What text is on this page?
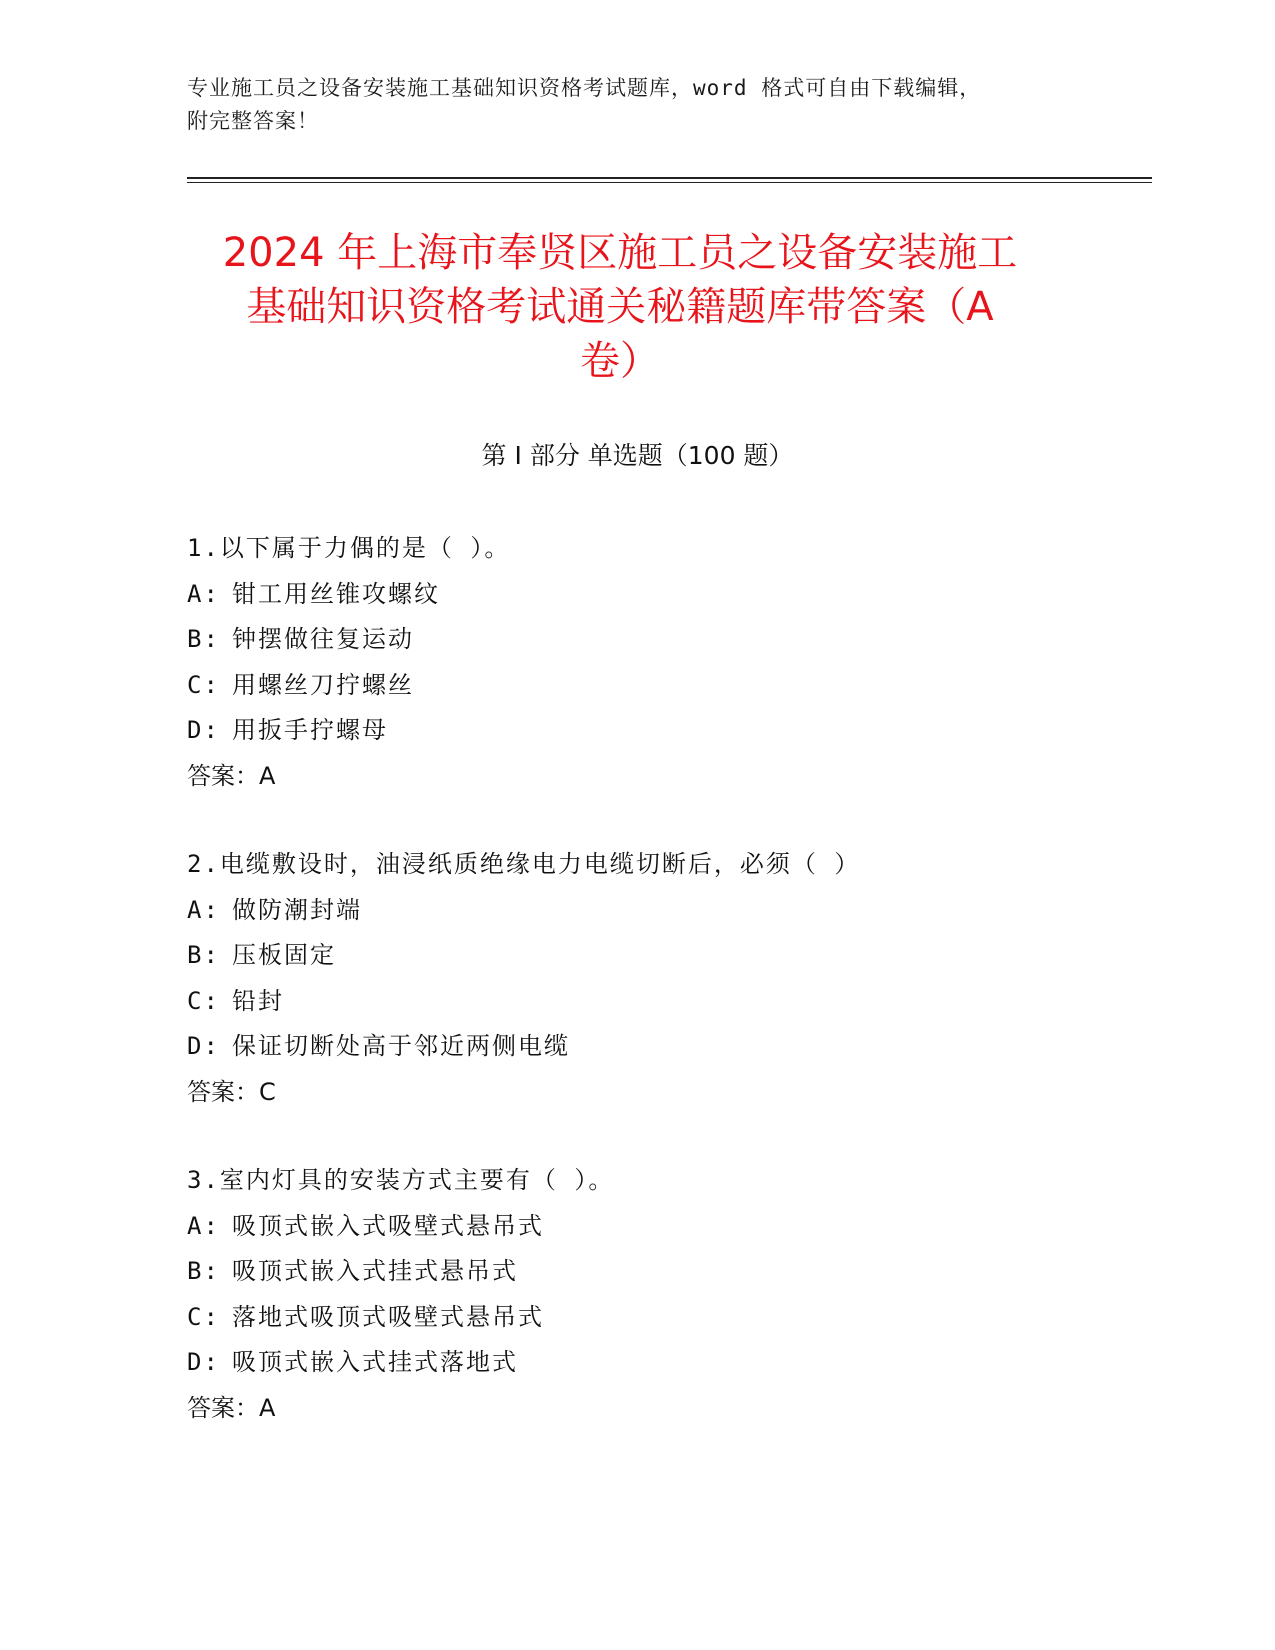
专业施工员之设备安装施工基础知识资格考试题库，word 格式可自由下载编辑，
附完整答案！
2024 年上海市奉贤区施工员之设备安装施工
基础知识资格考试通关秘籍题库带答案（A
卷）
第 I 部分 单选题（100 题）
1.以下属于力偶的是（ ）。
A: 钳工用丝锥攻螺纹
B: 钟摆做往复运动
C: 用螺丝刀拧螺丝
D: 用扳手拧螺母
答案：A
2.电缆敷设时，油浸纸质绝缘电力电缆切断后，必须（ ）
A: 做防潮封端
B: 压板固定
C: 铅封
D: 保证切断处高于邻近两侧电缆
答案：C
3.室内灯具的安装方式主要有（ ）。
A: 吸顶式嵌入式吸壁式悬吊式
B: 吸顶式嵌入式挂式悬吊式
C: 落地式吸顶式吸壁式悬吊式
D: 吸顶式嵌入式挂式落地式
答案：A
